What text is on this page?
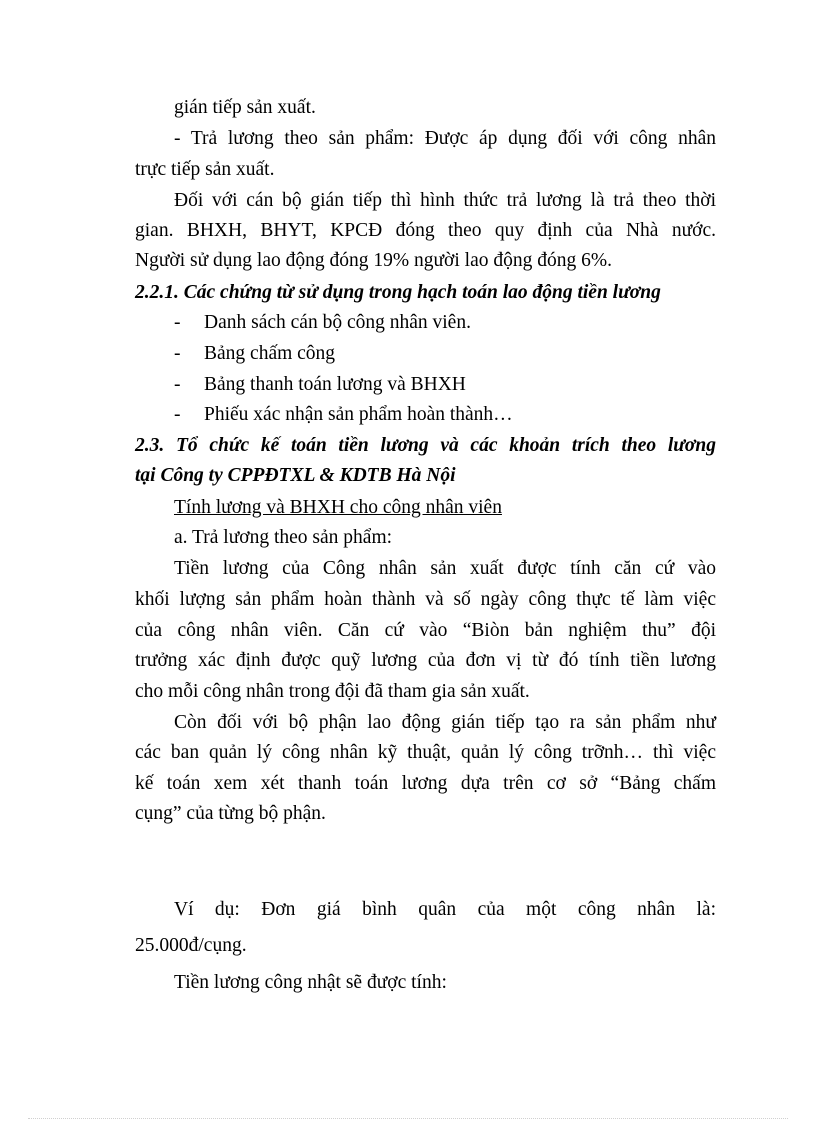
gián tiếp sản xuất.
- Trả lương theo sản phẩm: Được áp dụng đối với công nhân
trực tiếp sản xuất.
Đối với cán bộ gián tiếp thì hình thức trả lương là trả theo thời
gian. BHXH, BHYT, KPCĐ đóng theo quy định của Nhà nước.
Người sử dụng lao động đóng 19% người lao động đóng 6%.
2.2.1. Các chứng từ sử dụng trong hạch toán lao động tiền lương
- Danh sách cán bộ công nhân viên.
- Bảng chấm công
- Bảng thanh toán lương và BHXH
- Phiếu xác nhận sản phẩm hoàn thành…
2.3. Tổ chức kế toán tiền lương và các khoản trích theo lương
tại Công ty CPPĐTXL & KDTB Hà Nội
Tính lương và BHXH cho công nhân viên
a. Trả lương theo sản phẩm:
Tiền lương của Công nhân sản xuất được tính căn cứ vào
khối lượng sản phẩm hoàn thành và số ngày công thực tế làm việc
của công nhân viên. Căn cứ vào “Biòn bản nghiệm thu” đội
trưởng xác định được quỹ lương của đơn vị từ đó tính tiền lương
cho mỗi công nhân trong đội đã tham gia sản xuất.
Còn đối với bộ phận lao động gián tiếp tạo ra sản phẩm như
các ban quản lý công nhân kỹ thuật, quản lý công trỡnh… thì việc
kế toán xem xét thanh toán lương dựa trên cơ sở “Bảng chấm
cụng” của từng bộ phận.
Ví dụ: Đơn giá bình quân của một công nhân là:
25.000đ/cụng.
Tiền lương công nhật sẽ được tính:
